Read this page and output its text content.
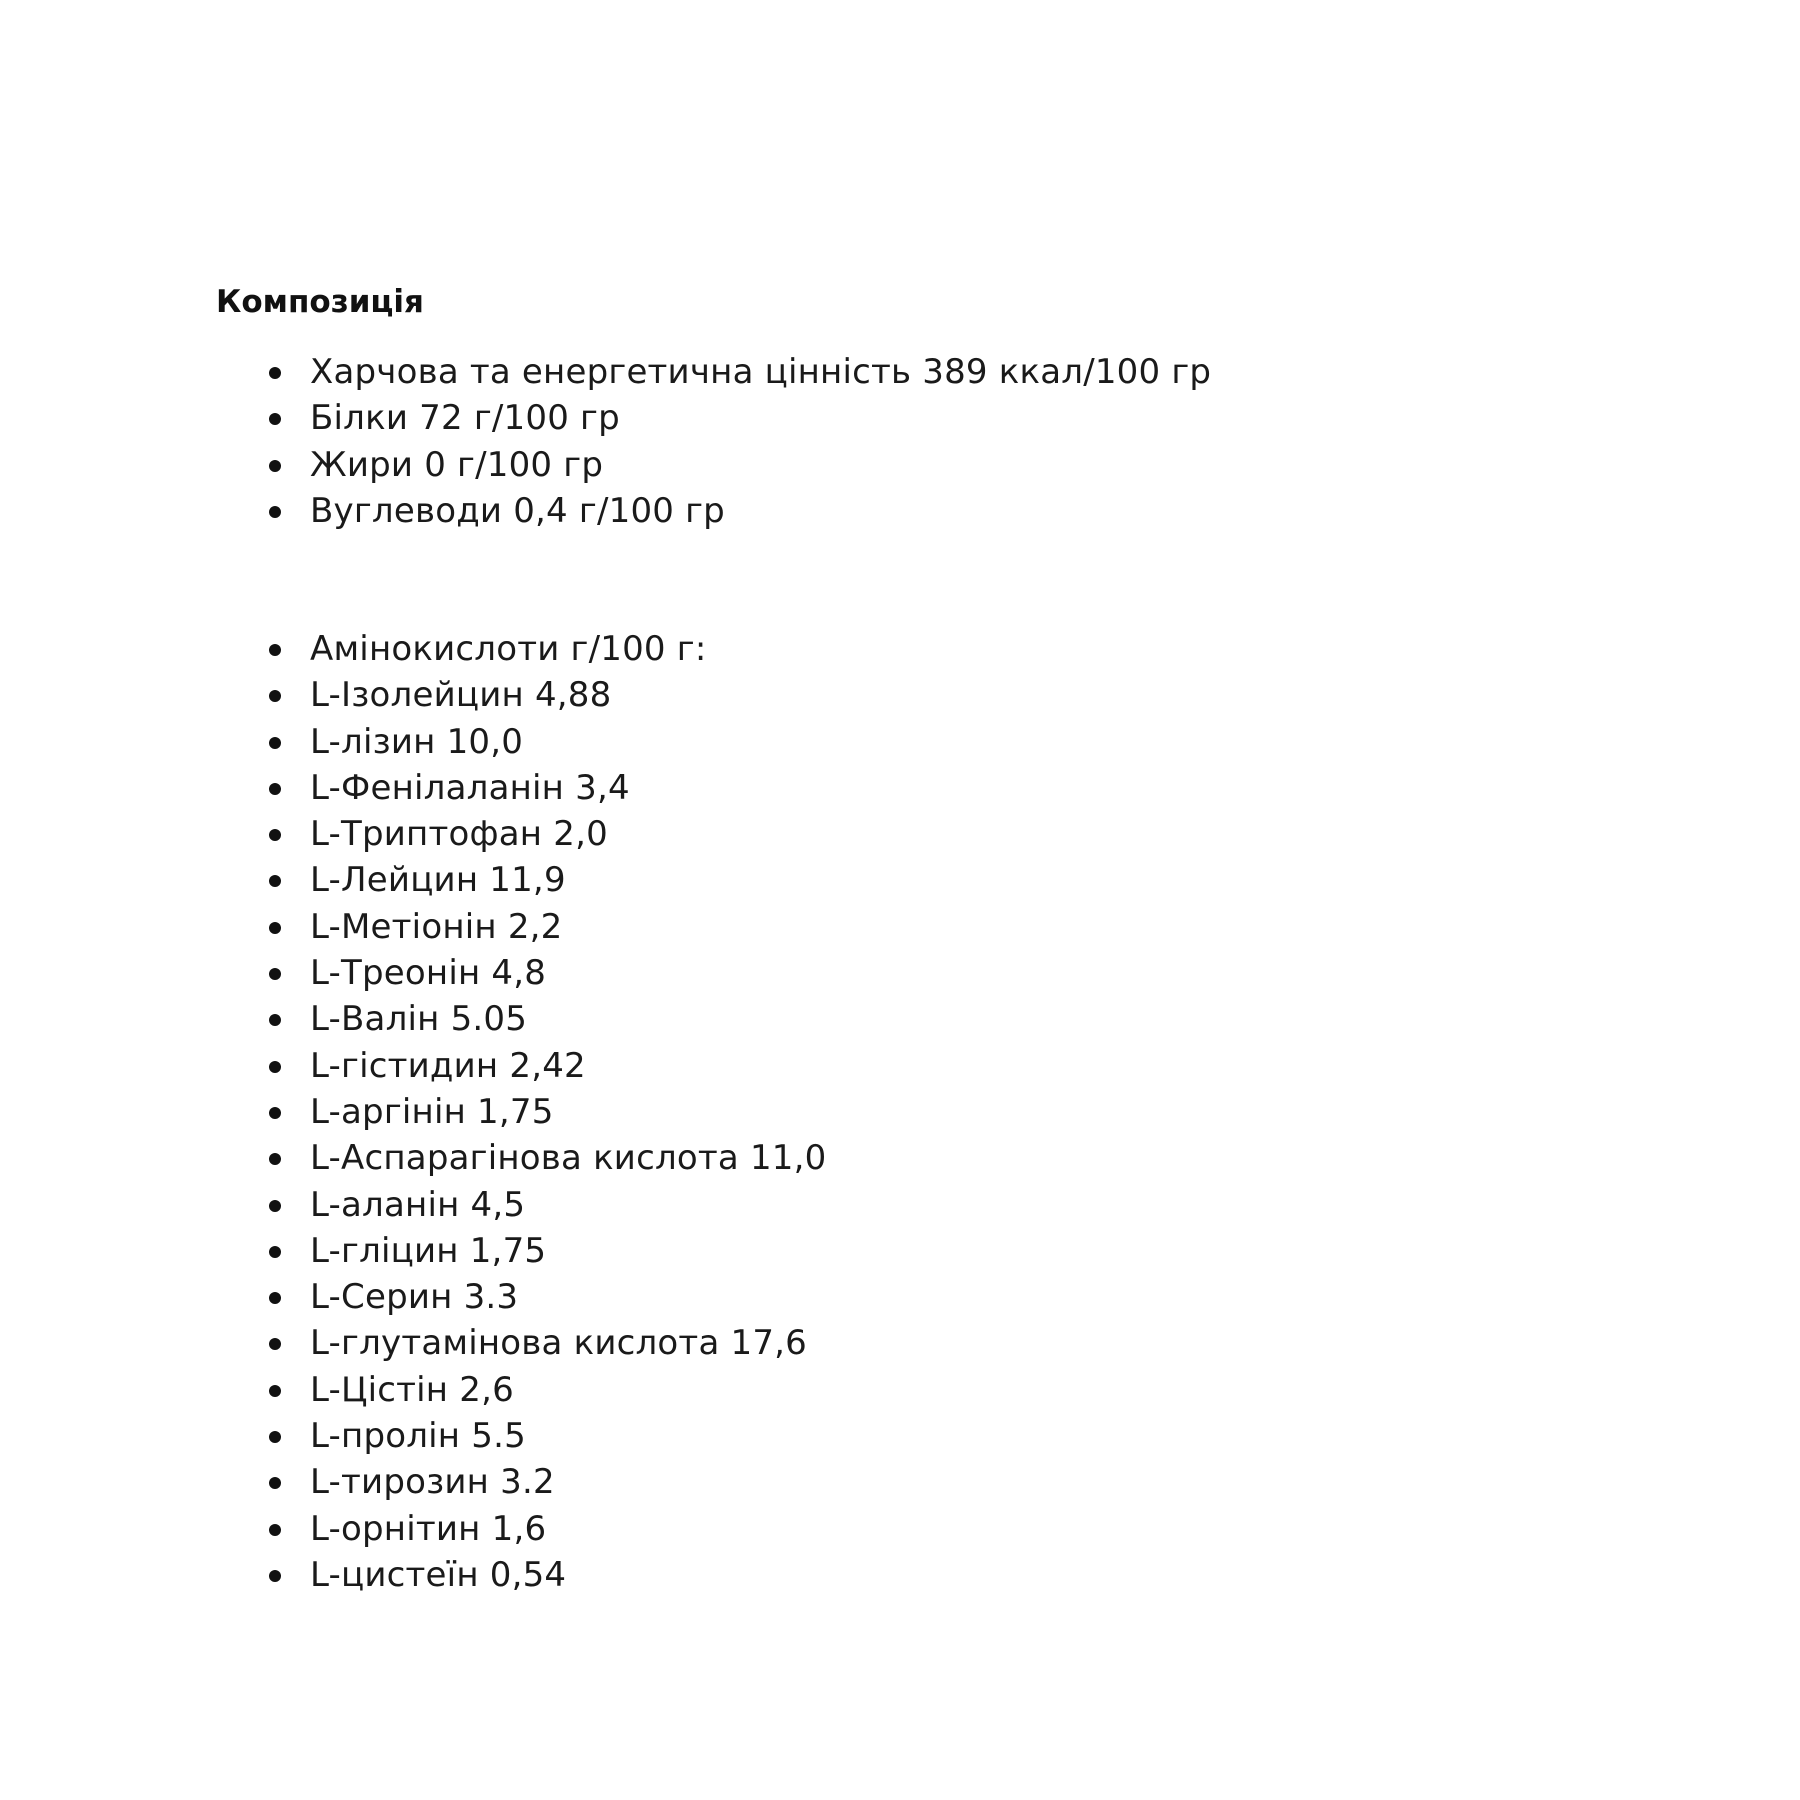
Композиція
Харчова та енергетична цінність 389 ккал/100 гр
Білки 72 г/100 гр
Жири 0 г/100 гр
Вуглеводи 0,4 г/100 гр
Амінокислоти г/100 г:
L-Ізолейцин 4,88
L-лізин 10,0
L-Фенілаланін 3,4
L-Триптофан 2,0
L-Лейцин 11,9
L-Метіонін 2,2
L-Треонін 4,8
L-Валін 5.05
L-гістидин 2,42
L-аргінін 1,75
L-Аспарагінова кислота 11,0
L-аланін 4,5
L-гліцин 1,75
L-Серин 3.3
L-глутамінова кислота 17,6
L-Цістін 2,6
L-пролін 5.5
L-тирозин 3.2
L-орнітин 1,6
L-цистеїн 0,54
